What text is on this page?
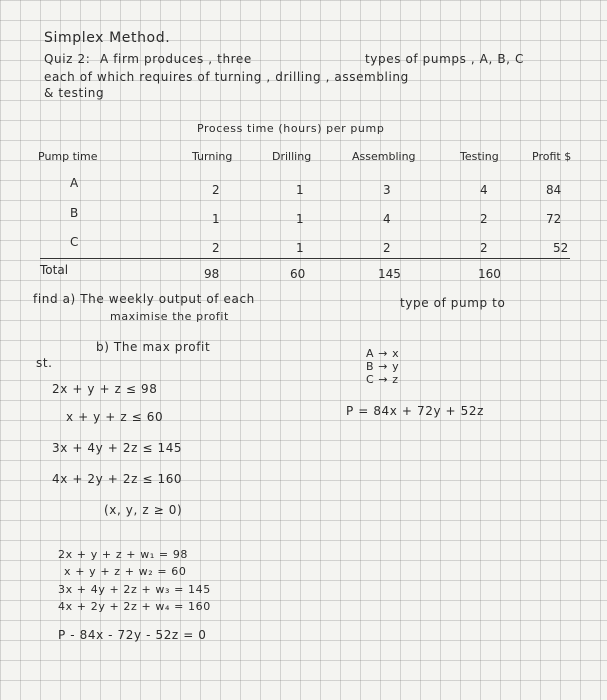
Simplex Method.
Quiz 2: A firm produces , three	types of pumps , A, B, C
each of which requires of turning , drilling , assembling
& testing
Process time (hours) per pump
Pump time	Turning	Drilling	Assembling	Testing	Profit $
A	2	1	3	4	84
B	1	1	4	2	72
C	2	1	2	2	52
Total	98	60	145	160
find a) The weekly output of each	type of pump to
maximise the profit
b) The max profit
st.
A → x
B → y
C → z
P = 84x + 72y + 52z
2x + y + z ≤ 98
x + y + z ≤ 60
3x + 4y + 2z ≤ 145
4x + 2y + 2z ≤ 160
(x, y, z ≥ 0)
2x + y + z + w₁ = 98
x + y + z + w₂ = 60
3x + 4y + 2z + w₃ = 145
4x + 2y + 2z + w₄ = 160
P - 84x - 72y - 52z = 0
